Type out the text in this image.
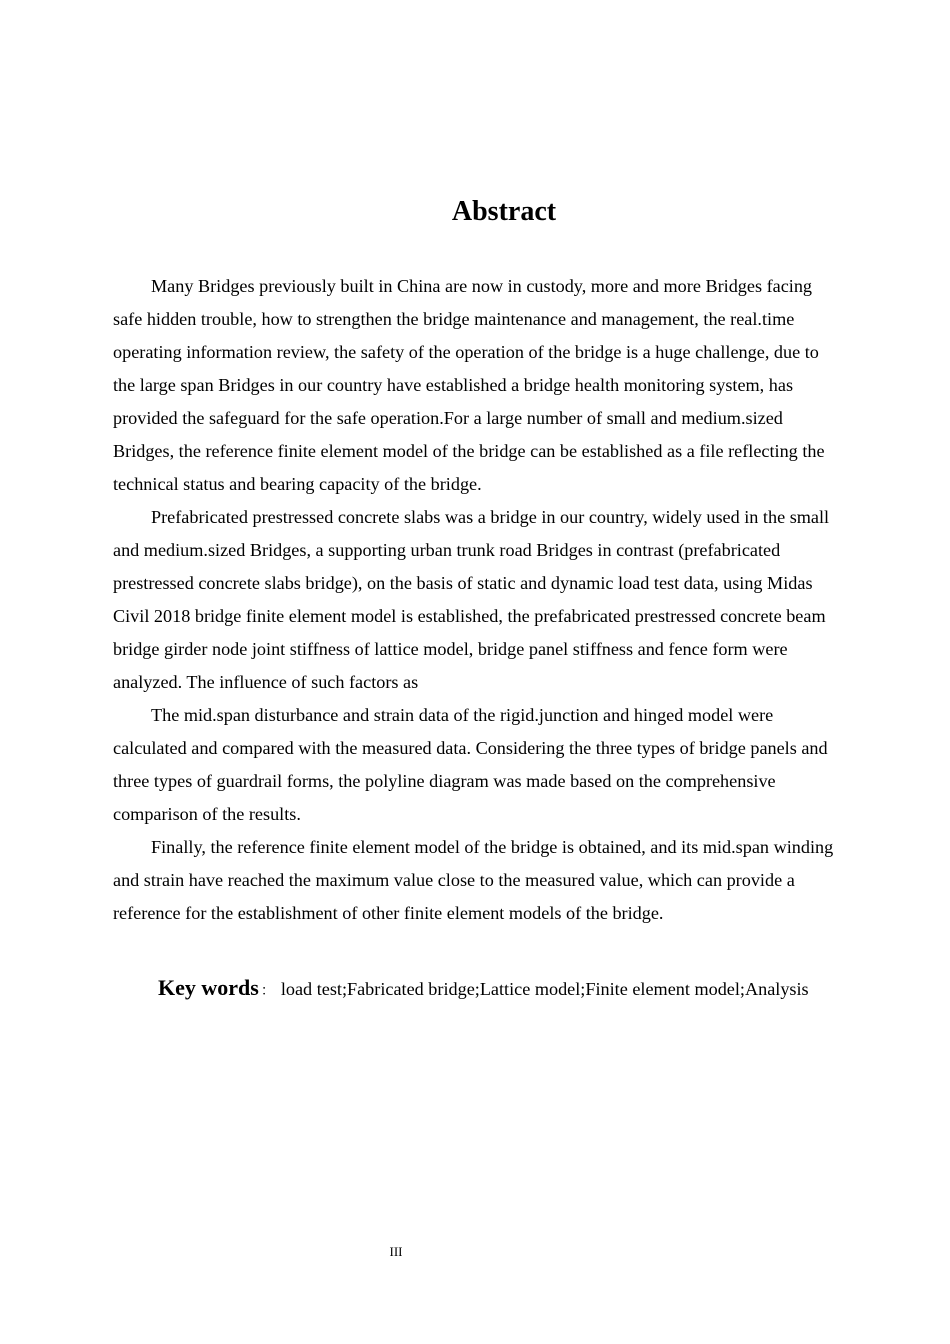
Abstract

Many Bridges previously built in China are now in custody, more and more Bridges facing safe hidden trouble, how to strengthen the bridge maintenance and management, the real.time operating information review, the safety of the operation of the bridge is a huge challenge, due to the large span Bridges in our country have established a bridge health monitoring system, has provided the safeguard for the safe operation.For a large number of small and medium.sized Bridges, the reference finite element model of the bridge can be established as a file reflecting the technical status and bearing capacity of the bridge.

Prefabricated prestressed concrete slabs was a bridge in our country, widely used in the small and medium.sized Bridges, a supporting urban trunk road Bridges in contrast (prefabricated prestressed concrete slabs bridge), on the basis of static and dynamic load test data, using Midas Civil 2018 bridge finite element model is established, the prefabricated prestressed concrete beam bridge girder node joint stiffness of lattice model, bridge panel stiffness and fence form were analyzed. The influence of such factors as

The mid.span disturbance and strain data of the rigid.junction and hinged model were calculated and compared with the measured data. Considering the three types of bridge panels and three types of guardrail forms, the polyline diagram was made based on the comprehensive comparison of the results.

Finally, the reference finite element model of the bridge is obtained, and its mid.span winding and strain have reached the maximum value close to the measured value, which can provide a reference for the establishment of other finite element models of the bridge.

Key words ： load test;Fabricated bridge;Lattice model;Finite element model;Analysis
III
